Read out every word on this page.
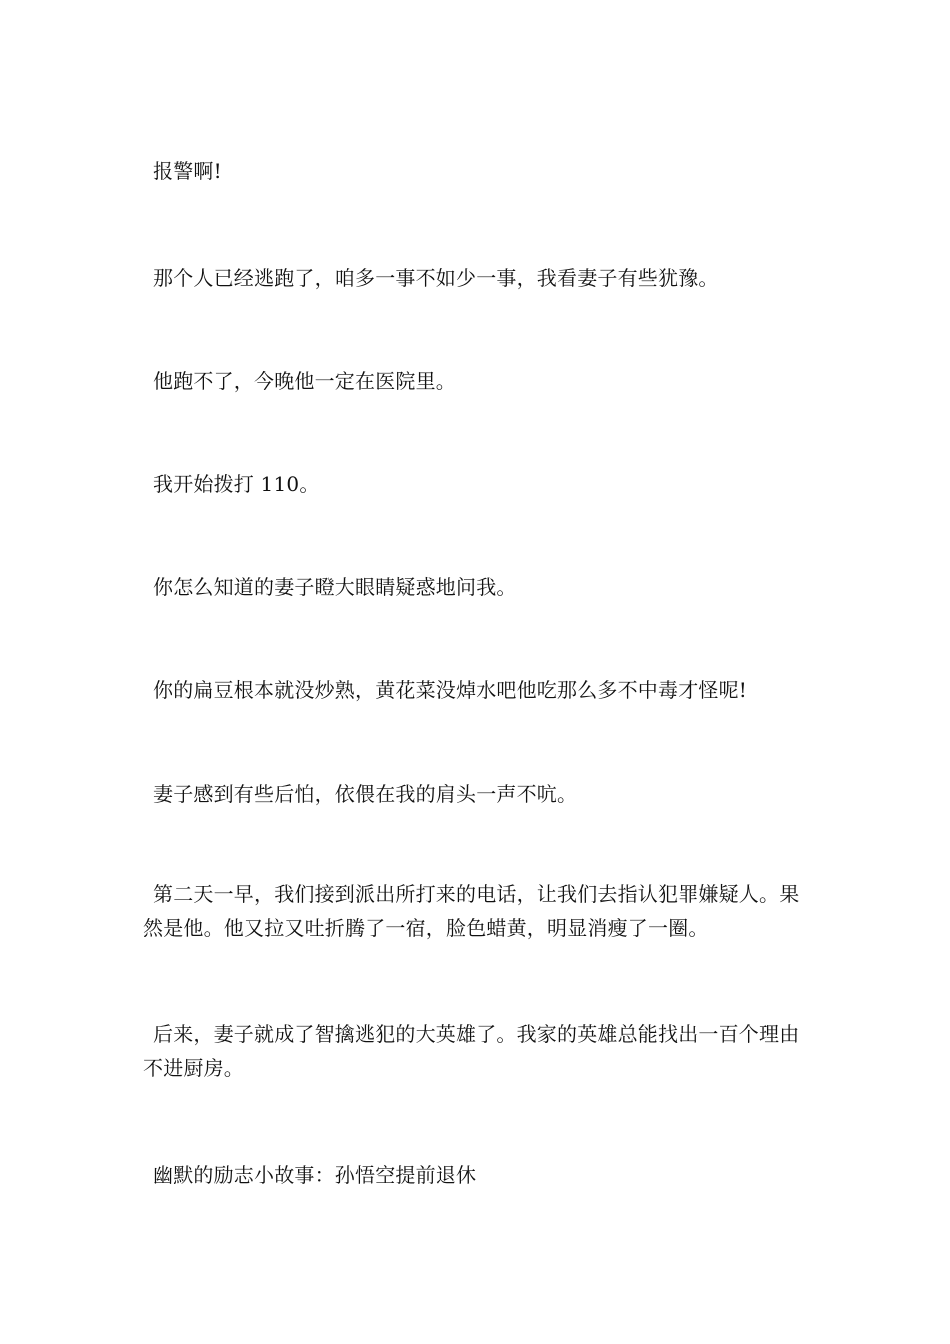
报警啊!

那个人已经逃跑了，咱多一事不如少一事，我看妻子有些犹豫。

他跑不了，今晚他一定在医院里。

我开始拨打 110。

你怎么知道的妻子瞪大眼睛疑惑地问我。

你的扁豆根本就没炒熟，黄花菜没焯水吧他吃那么多不中毒才怪呢!

妻子感到有些后怕，依偎在我的肩头一声不吭。

第二天一早，我们接到派出所打来的电话，让我们去指认犯罪嫌疑人。果然是他。他又拉又吐折腾了一宿，脸色蜡黄，明显消瘦了一圈。

后来，妻子就成了智擒逃犯的大英雄了。我家的英雄总能找出一百个理由不进厨房。

幽默的励志小故事：孙悟空提前退休
